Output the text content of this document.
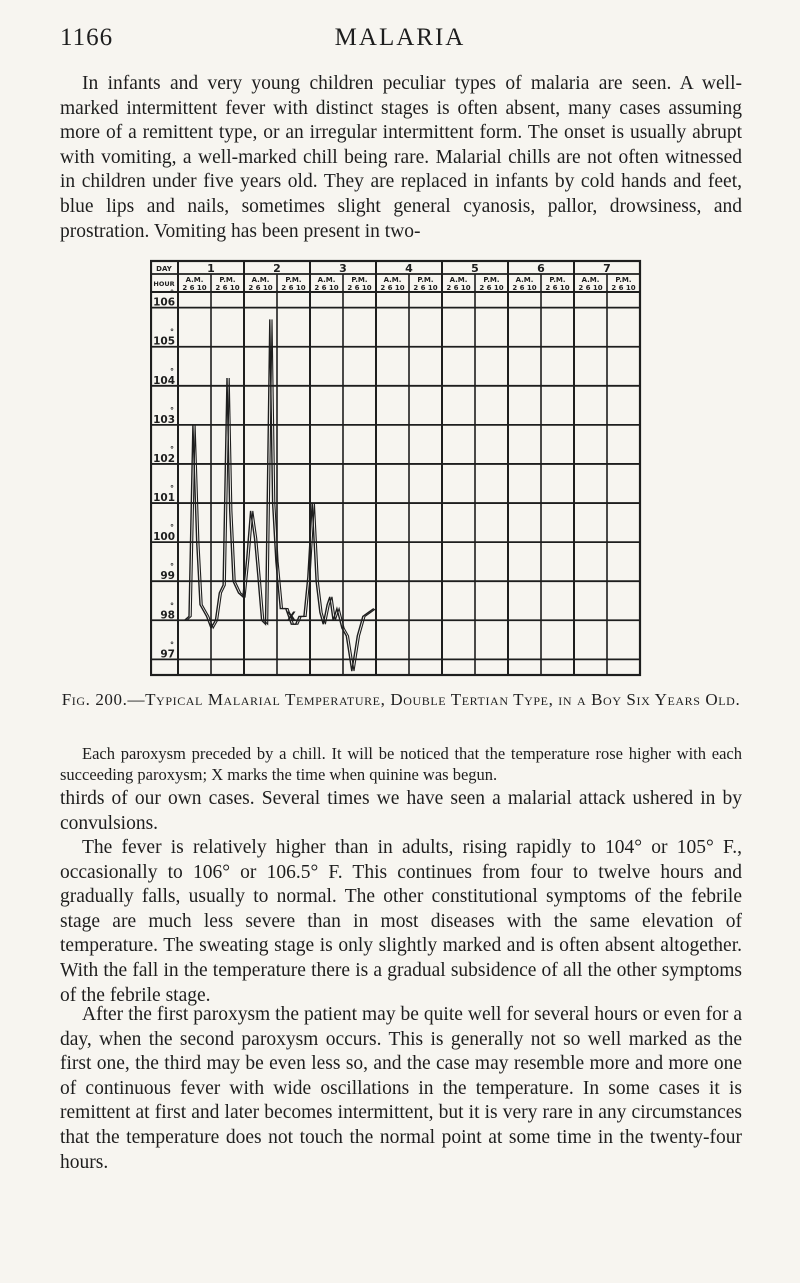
1166	MALARIA

In infants and very young children peculiar types of malaria are seen. A well-marked intermittent fever with distinct stages is often absent, many cases assuming more of a remittent type, or an irregular intermittent form. The onset is usually abrupt with vomiting, a well-marked chill being rare. Malarial chills are not often witnessed in children under five years old. They are replaced in infants by cold hands and feet, blue lips and nails, sometimes slight general cyanosis, pallor, drowsiness, and prostration. Vomiting has been present in two-

DAY
HOUR
1	2	3	4	5	6	7
A.M.
2 6 10
P.M.
2 6 10
A.M.
2 6 10
P.M.
2 6 10
A.M.
2 6 10
P.M.
2 6 10
A.M.
2 6 10
P.M.
2 6 10
A.M.
2 6 10
P.M.
2 6 10
A.M.
2 6 10
P.M.
2 6 10
A.M.
2 6 10
P.M.
2 6 10
106
°
105
°
104
°
103
°
102
°
101
°
100
°
99
°
98
°
97
°
X
Fig. 200.—Typical Malarial Temperature, Double Tertian Type, in a Boy Six Years Old.
Each paroxysm preceded by a chill. It will be noticed that the temperature rose higher with each succeeding paroxysm; X marks the time when quinine was begun.

thirds of our own cases. Several times we have seen a malarial attack ushered in by convulsions.

The fever is relatively higher than in adults, rising rapidly to 104° or 105° F., occasionally to 106° or 106.5° F. This continues from four to twelve hours and gradually falls, usually to normal. The other constitutional symptoms of the febrile stage are much less severe than in most diseases with the same elevation of temperature. The sweating stage is only slightly marked and is often absent altogether. With the fall in the temperature there is a gradual subsidence of all the other symptoms of the febrile stage.

After the first paroxysm the patient may be quite well for several hours or even for a day, when the second paroxysm occurs. This is generally not so well marked as the first one, the third may be even less so, and the case may resemble more and more one of continuous fever with wide oscillations in the temperature. In some cases it is remittent at first and later becomes intermittent, but it is very rare in any circumstances that the temperature does not touch the normal point at some time in the twenty-four hours.
